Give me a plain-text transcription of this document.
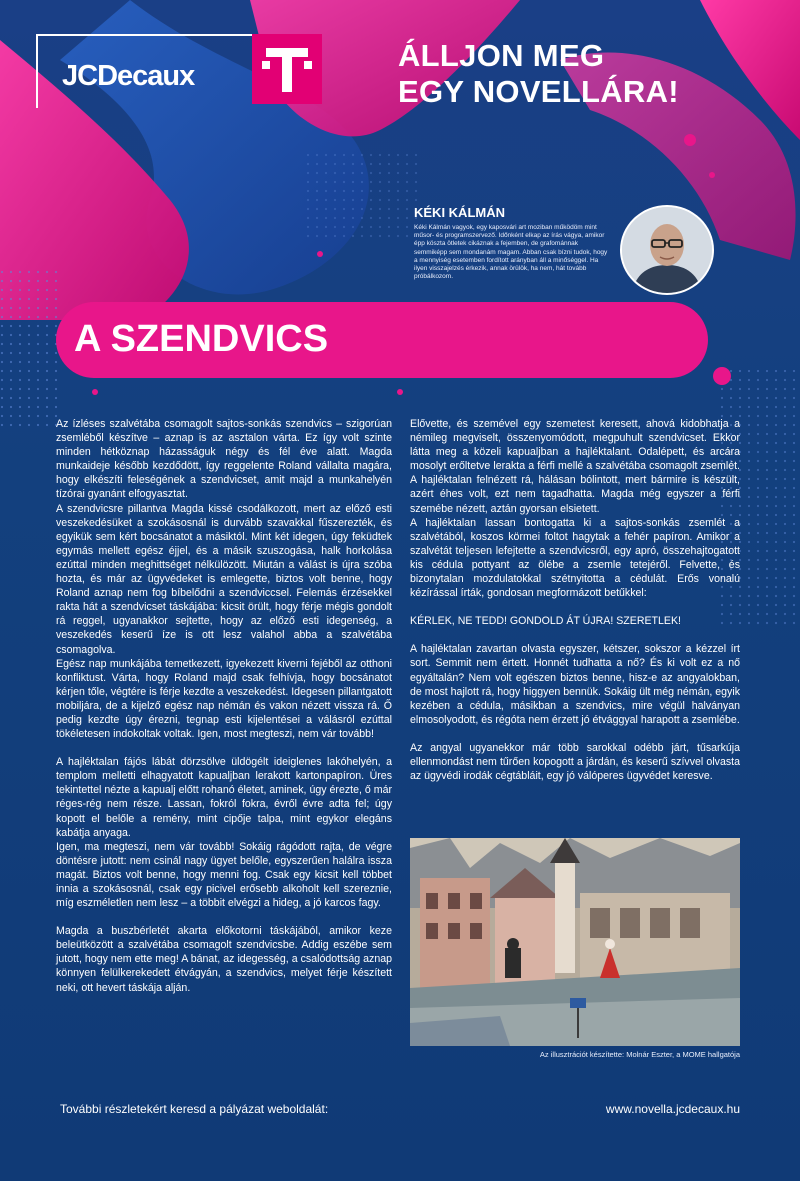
JCDecaux
ÁLLJON MEG
EGY NOVELLÁRA!
KÉKI KÁLMÁN
Kéki Kálmán vagyok, egy kaposvári art moziban működöm mint műsor- és programszervező. Időnként elkap az írás vágya, amikor épp köszta ötletek cikáznak a fejemben, de grafománnak semmiképp sem mondanám magam. Abban csak bízni tudok, hogy a mennyiség esetemben fordított arányban áll a minőséggel. Ha ilyen visszajelzés érkezik, annak örülök, ha nem, hát tovább próbálkozom.
A SZENDVICS

Az ízléses szalvétába csomagolt sajtos-sonkás szendvics – szigorúan zsemléből készítve – aznap is az asztalon várta. Ez így volt szinte minden hétköznap házasságuk négy és fél éve alatt. Magda munkaideje később kezdődött, így reggelente Roland vállalta magára, hogy elkészíti feleségének a szendvicset, amit majd a munkahelyén tízórai gyanánt elfogyasztat.

A szendvicsre pillantva Magda kissé csodálkozott, mert az előző esti veszekedésüket a szokásosnál is durvább szavakkal fűszerezték, és egyikük sem kért bocsánatot a másiktól. Mint két idegen, úgy feküdtek egymás mellett egész éjjel, és a másik szuszogása, halk horkolása ezúttal minden meghittséget nélkülözött. Miután a válást is újra szóba hozta, és már az ügyvédeket is emlegette, biztos volt benne, hogy Roland aznap nem fog bíbelődni a szendviccsel. Felemás érzésekkel rakta hát a szendvicset táskájába: kicsit örült, hogy férje mégis gondolt rá reggel, ugyanakkor sejtette, hogy az előző esti idegenség, a veszekedés keserű íze is ott lesz valahol abba a szalvétába csomagolva.

Egész nap munkájába temetkezett, igyekezett kiverni fejéből az otthoni konfliktust. Várta, hogy Roland majd csak felhívja, hogy bocsánatot kérjen tőle, végtére is férje kezdte a veszekedést. Idegesen pillantgatott mobiljára, de a kijelző egész nap némán és vakon nézett vissza rá. Ő pedig kezdte úgy érezni, tegnap esti kijelentései a válásról ezúttal tökéletesen indokoltak voltak. Igen, most megteszi, nem vár tovább!

A hajléktalan fájós lábát dörzsölve üldögélt ideiglenes lakóhelyén, a templom melletti elhagyatott kapualjban lerakott kartonpapíron. Üres tekintettel nézte a kapualj előtt rohanó életet, aminek, úgy érezte, ő már réges-rég nem része. Lassan, fokról fokra, évről évre adta fel; úgy kopott el belőle a remény, mint cipője talpa, mint egykor elegáns kabátja anyaga.

Igen, ma megteszi, nem vár tovább! Sokáig rágódott rajta, de végre döntésre jutott: nem csinál nagy ügyet belőle, egyszerűen halálra issza magát. Biztos volt benne, hogy menni fog. Csak egy kicsit kell többet innia a szokásosnál, csak egy picivel erősebb alkoholt kell szereznie, míg eszméletlen nem lesz – a többit elvégzi a hideg, a jó karcos fagy.

Magda a buszbérletét akarta előkotorni táskájából, amikor keze beleütközött a szalvétába csomagolt szendvicsbe. Addig eszébe sem jutott, hogy nem ette meg! A bánat, az idegesség, a csalódottság aznap könnyen felülkerekedett étvágyán, a szendvics, melyet férje készített neki, ott hevert táskája alján.

Elővette, és szemével egy szemetest keresett, ahová kidobhatja a némileg megviselt, összenyomódott, megpuhult szendvicset. Ekkor látta meg a közeli kapualjban a hajléktalant. Odalépett, és arcára mosolyt erőltetve lerakta a férfi mellé a szalvétába csomagolt zsemlét. A hajléktalan felnézett rá, hálásan bólintott, mert bármire is készült, azért éhes volt, ezt nem tagadhatta. Magda még egyszer a férfi szemébe nézett, aztán gyorsan elsietett.

A hajléktalan lassan bontogatta ki a sajtos-sonkás zsemlét a szalvétából, koszos körmei foltot hagytak a fehér papíron. Amikor a szalvétát teljesen lefejtette a szendvicsről, egy apró, összehajtogatott kis cédula pottyant az ölébe a zsemle tetejéről. Felvette, és bizonytalan mozdulatokkal szétnyitotta a cédulát. Erős vonalú kézírással írták, gondosan megformázott betűkkel:

KÉRLEK, NE TEDD! GONDOLD ÁT ÚJRA! SZERETLEK!

A hajléktalan zavartan olvasta egyszer, kétszer, sokszor a kézzel írt sort. Semmit nem értett. Honnét tudhatta a nő? És ki volt ez a nő egyáltalán? Nem volt egészen biztos benne, hisz-e az angyalokban, de most hajlott rá, hogy higgyen bennük. Sokáig ült még némán, egyik kezében a cédula, másikban a szendvics, mire végül halványan elmosolyodott, és régóta nem érzett jó étvággyal harapott a zsemlébe.

Az angyal ugyanekkor már több sarokkal odébb járt, tűsarkúja ellenmondást nem tűrően kopogott a járdán, és keserű szívvel olvasta az ügyvédi irodák cégtábláit, egy jó válóperes ügyvédet keresve.

Az illusztrációt készítette: Molnár Eszter, a MOME hallgatója
További részletekért keresd a pályázat weboldalát:	www.novella.jcdecaux.hu
